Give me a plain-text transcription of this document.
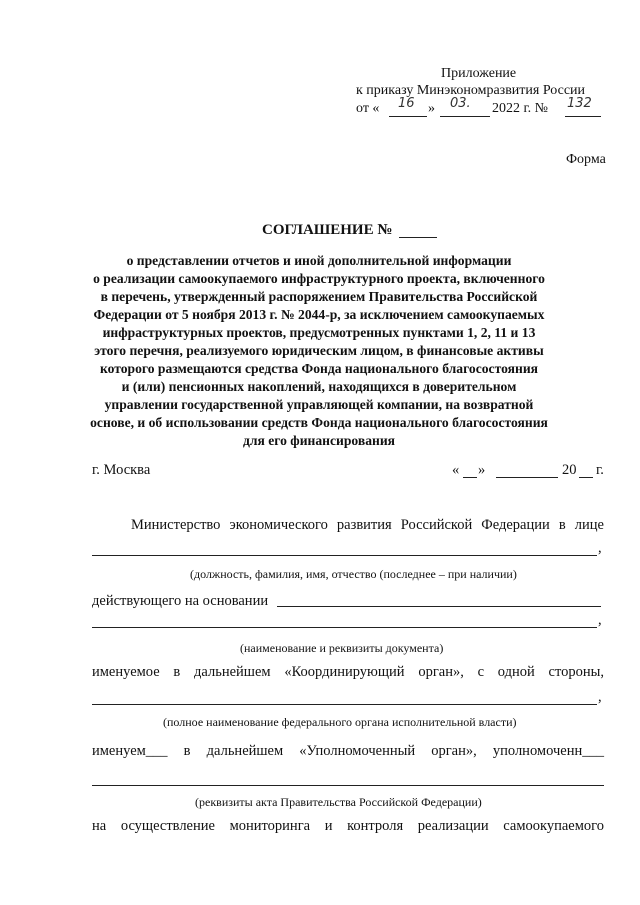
Приложение
к приказу Минэкономразвития России
от « 16 » 03. 2022 г. № 132
Форма
СОГЛАШЕНИЕ №
о представлении отчетов и иной дополнительной информации
о реализации самоокупаемого инфраструктурного проекта, включенного
в перечень, утвержденный распоряжением Правительства Российской
Федерации от 5 ноября 2013 г. № 2044-р, за исключением самоокупаемых
инфраструктурных проектов, предусмотренных пунктами 1, 2, 11 и 13
этого перечня, реализуемого юридическим лицом, в финансовые активы
которого размещаются средства Фонда национального благосостояния
и (или) пенсионных накоплений, находящихся в доверительном
управлении государственной управляющей компании, на возвратной
основе, и об использовании средств Фонда национального благосостояния
для его финансирования
г. Москва	« »	20 г.
Министерство экономического развития Российской Федерации в лице
,
(должность, фамилия, имя, отчество (последнее – при наличии)
действующего на основании
,
(наименование и реквизиты документа)
именуемое в дальнейшем «Координирующий орган», с одной стороны,
,
(полное наименование федерального органа исполнительной власти)
именуем___ в дальнейшем «Уполномоченный орган», уполномоченн___
(реквизиты акта Правительства Российской Федерации)
на осуществление мониторинга и контроля реализации самоокупаемого
